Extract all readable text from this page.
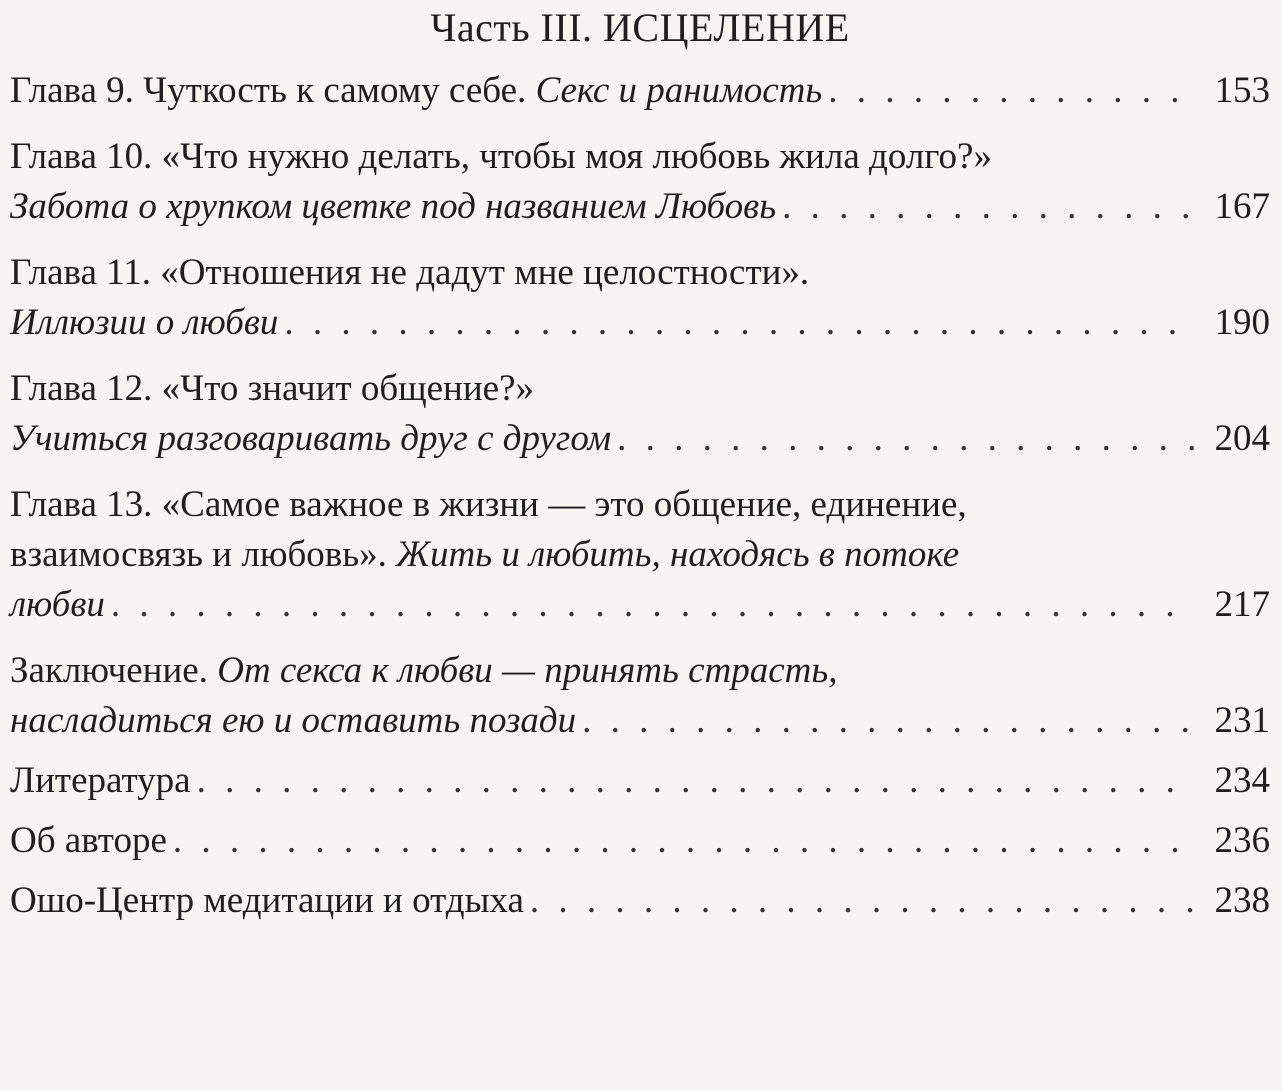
Часть III. ИСЦЕЛЕНИЕ
Глава 9. Чуткость к самому себе. Секс и ранимость . . .	153
Глава 10. «Что нужно делать, чтобы моя любовь жила долго?»
Забота о хрупком цветке под названием Любовь . . .	167
Глава 11. «Отношения не дадут мне целостности».
Иллюзии о любви . . .	190
Глава 12. «Что значит общение?»
Учиться разговаривать друг с другом . . .	204
Глава 13. «Самое важное в жизни — это общение, единение,
взаимосвязь и любовь». Жить и любить, находясь в потоке
любви . . .	217
Заключение. От секса к любви — принять страсть,
насладиться ею и оставить позади . . .	231
Литература . . .	234
Об авторе . . .	236
Ошо-Центр медитации и отдыха . . .	238
